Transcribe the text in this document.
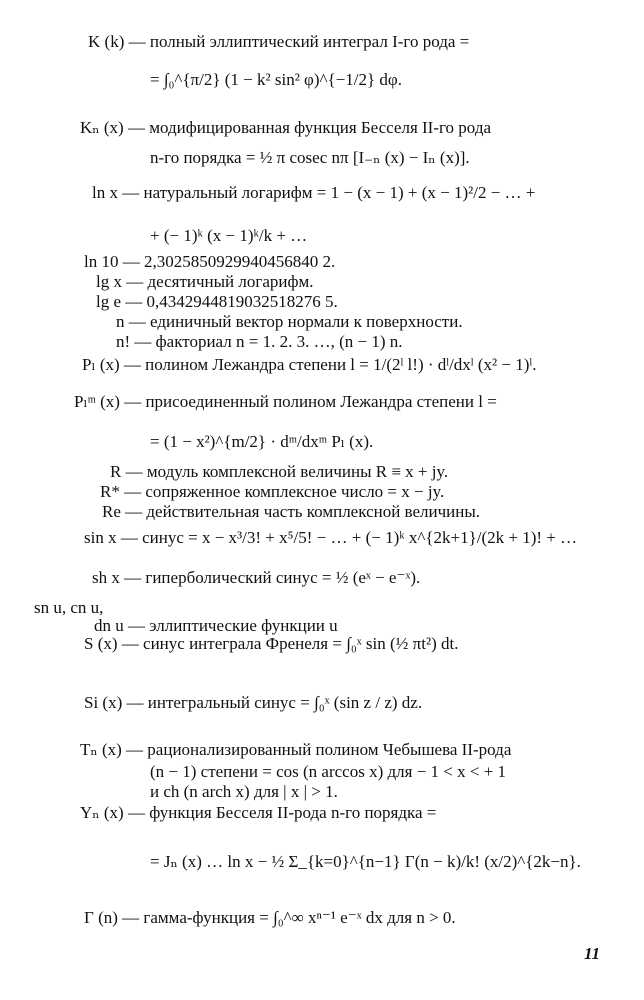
K (k) — полный эллиптический интеграл I-го рода =
= ∫₀^{π/2} (1 − k² sin² φ)^{−1/2} dφ.
Kₙ (x) — модифицированная функция Бесселя II-го рода
n-го порядка = ½ π cosec nπ [I₋ₙ (x) − Iₙ (x)].
ln x — натуральный логарифм = 1 − (x − 1) + (x − 1)²/2 − … +
+ (− 1)ᵏ (x − 1)ᵏ/k + …
ln 10 — 2,3025850929940456840 2.
lg x — десятичный логарифм.
lg e — 0,4342944819032518276 5.
n — единичный вектор нормали к поверхности.
n! — факториал n = 1. 2. 3. …, (n − 1) n.
Pₗ (x) — полином Лежандра степени l = 1/(2ˡ l!) · dˡ/dxˡ (x² − 1)ˡ.
Pₗᵐ (x) — присоединенный полином Лежандра степени l =
= (1 − x²)^{m/2} · dᵐ/dxᵐ Pₗ (x).
R — модуль комплексной величины R ≡ x + jy.
R* — сопряженное комплексное число = x − jy.
Re — действительная часть комплексной величины.
sin x — синус = x − x³/3! + x⁵/5! − … + (− 1)ᵏ x^{2k+1}/(2k + 1)! + …
sh x — гиперболический синус = ½ (eˣ − e⁻ˣ).
sn u, cn u,
dn u — эллиптические функции u
S (x) — синус интеграла Френеля = ∫₀ˣ sin (½ πt²) dt.
Si (x) — интегральный синус = ∫₀ˣ (sin z / z) dz.
Tₙ (x) — рационализированный полином Чебышева II-рода
(n − 1) степени = cos (n arccos x) для − 1 < x < + 1
и ch (n arch x) для | x | > 1.
Yₙ (x) — функция Бесселя II-рода n-го порядка =
= Jₙ (x) … ln x − ½ Σ_{k=0}^{n−1} Γ(n − k)/k! (x/2)^{2k−n}.
Γ (n) — гамма-функция = ∫₀^∞ xⁿ⁻¹ e⁻ˣ dx для n > 0.
11
